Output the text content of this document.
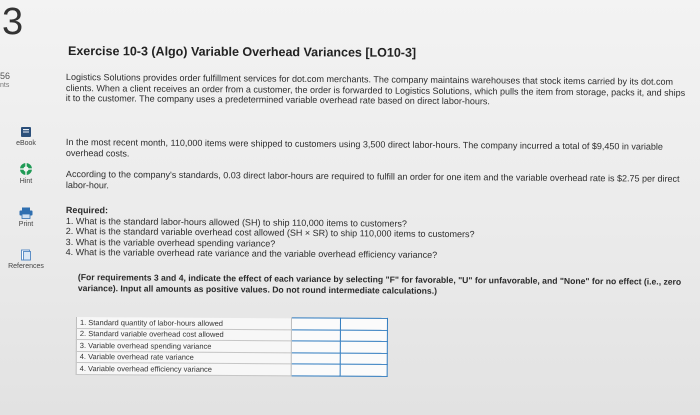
3
56
nts
eBook
Hint
Print
References
Exercise 10-3 (Algo) Variable Overhead Variances [LO10-3]
Logistics Solutions provides order fulfillment services for dot.com merchants. The company maintains warehouses that stock items carried by its dot.com clients. When a client receives an order from a customer, the order is forwarded to Logistics Solutions, which pulls the item from storage, packs it, and ships it to the customer. The company uses a predetermined variable overhead rate based on direct labor-hours.
In the most recent month, 110,000 items were shipped to customers using 3,500 direct labor-hours. The company incurred a total of $9,450 in variable overhead costs.
According to the company's standards, 0.03 direct labor-hours are required to fulfill an order for one item and the variable overhead rate is $2.75 per direct labor-hour.
Required:
1. What is the standard labor-hours allowed (SH) to ship 110,000 items to customers?
2. What is the standard variable overhead cost allowed (SH × SR) to ship 110,000 items to customers?
3. What is the variable overhead spending variance?
4. What is the variable overhead rate variance and the variable overhead efficiency variance?
(For requirements 3 and 4, indicate the effect of each variance by selecting "F" for favorable, "U" for unfavorable, and "None" for no effect (i.e., zero variance). Input all amounts as positive values. Do not round intermediate calculations.)
1. Standard quantity of labor-hours allowed		
2. Standard variable overhead cost allowed		
3. Variable overhead spending variance		
4. Variable overhead rate variance		
4. Variable overhead efficiency variance		
